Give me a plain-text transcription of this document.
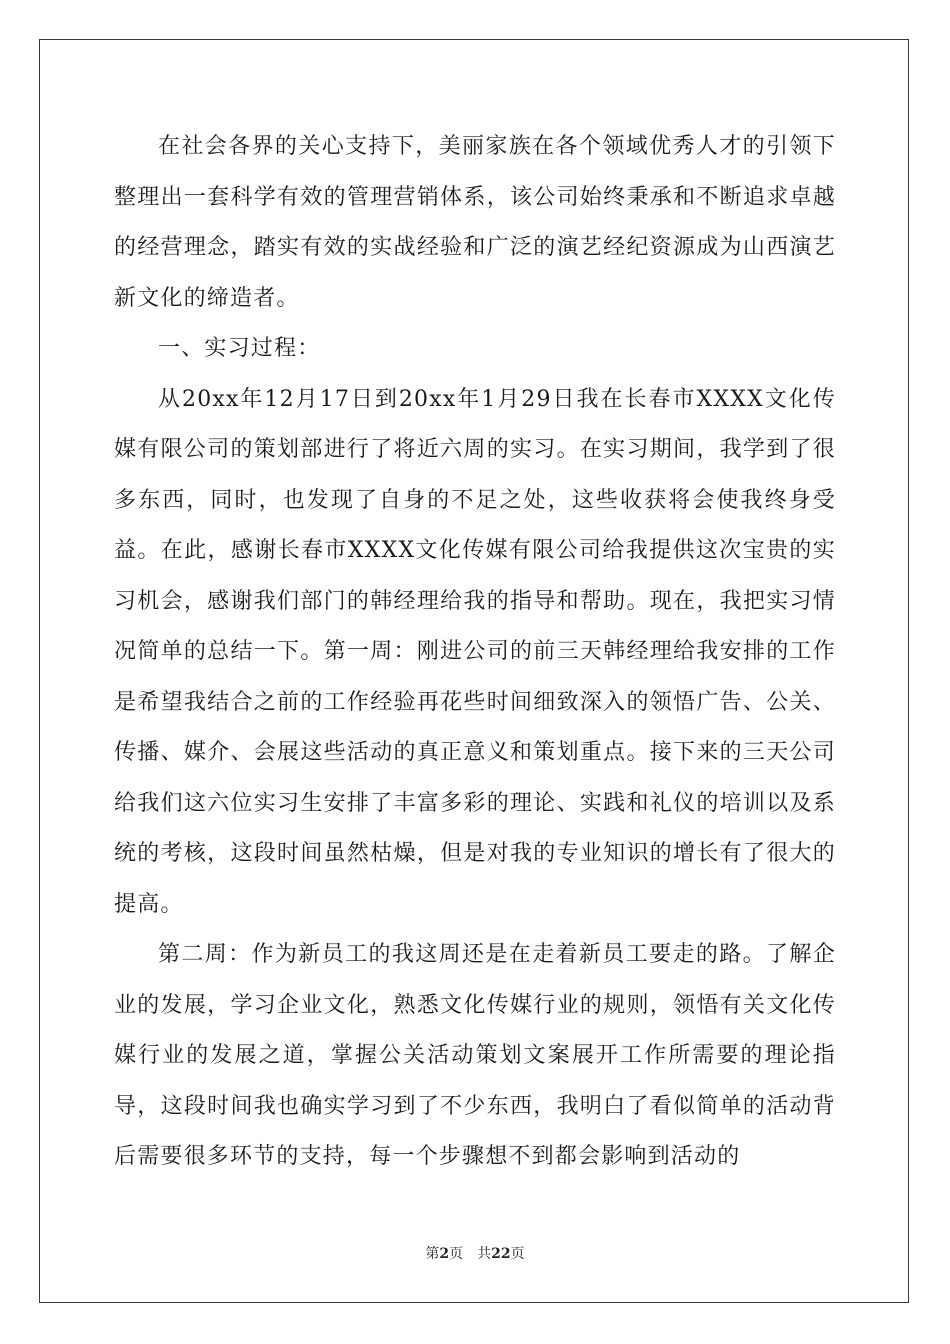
在社会各界的关心支持下，美丽家族在各个领域优秀人才的引领下整理出一套科学有效的管理营销体系，该公司始终秉承和不断追求卓越的经营理念，踏实有效的实战经验和广泛的演艺经纪资源成为山西演艺新文化的缔造者。

一、实习过程：

从20xx年12月17日到20xx年1月29日我在长春市XXXX文化传媒有限公司的策划部进行了将近六周的实习。在实习期间，我学到了很多东西，同时，也发现了自身的不足之处，这些收获将会使我终身受益。在此，感谢长春市XXXX文化传媒有限公司给我提供这次宝贵的实习机会，感谢我们部门的韩经理给我的指导和帮助。现在，我把实习情况简单的总结一下。第一周：刚进公司的前三天韩经理给我安排的工作是希望我结合之前的工作经验再花些时间细致深入的领悟广告、公关、传播、媒介、会展这些活动的真正意义和策划重点。接下来的三天公司给我们这六位实习生安排了丰富多彩的理论、实践和礼仪的培训以及系统的考核，这段时间虽然枯燥，但是对我的专业知识的增长有了很大的提高。

第二周：作为新员工的我这周还是在走着新员工要走的路。了解企业的发展，学习企业文化，熟悉文化传媒行业的规则，领悟有关文化传媒行业的发展之道，掌握公关活动策划文案展开工作所需要的理论指导，这段时间我也确实学习到了不少东西，我明白了看似简单的活动背后需要很多环节的支持，每一个步骤想不到都会影响到活动的

第2页 共22页
